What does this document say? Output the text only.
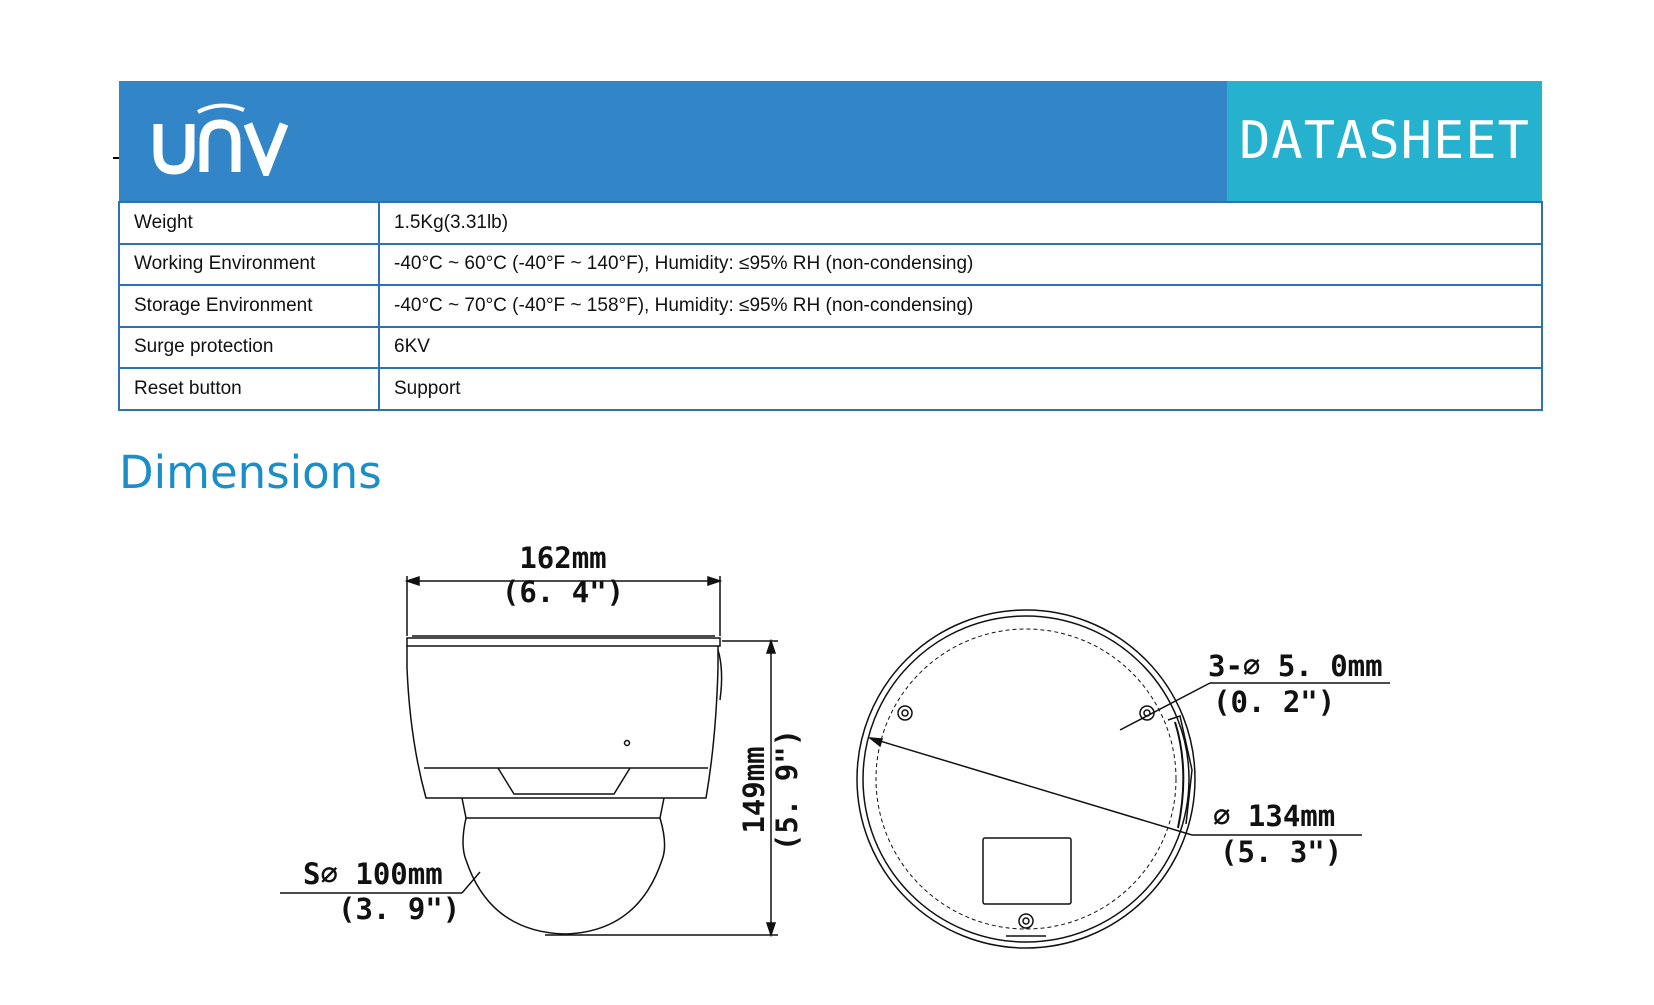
DATASHEET
Weight	1.5Kg(3.31lb)
Working Environment	-40°C ~ 60°C (-40°F ~ 140°F), Humidity: ≤95% RH (non-condensing)
Storage Environment	-40°C ~ 70°C (-40°F ~ 158°F), Humidity: ≤95% RH (non-condensing)
Surge protection	6KV
Reset button	Support
Dimensions
162mm
(6. 4")
149mm (5. 9")
S∅ 100mm
(3. 9")
3-∅ 5. 0mm
(0. 2")
∅ 134mm
(5. 3")
